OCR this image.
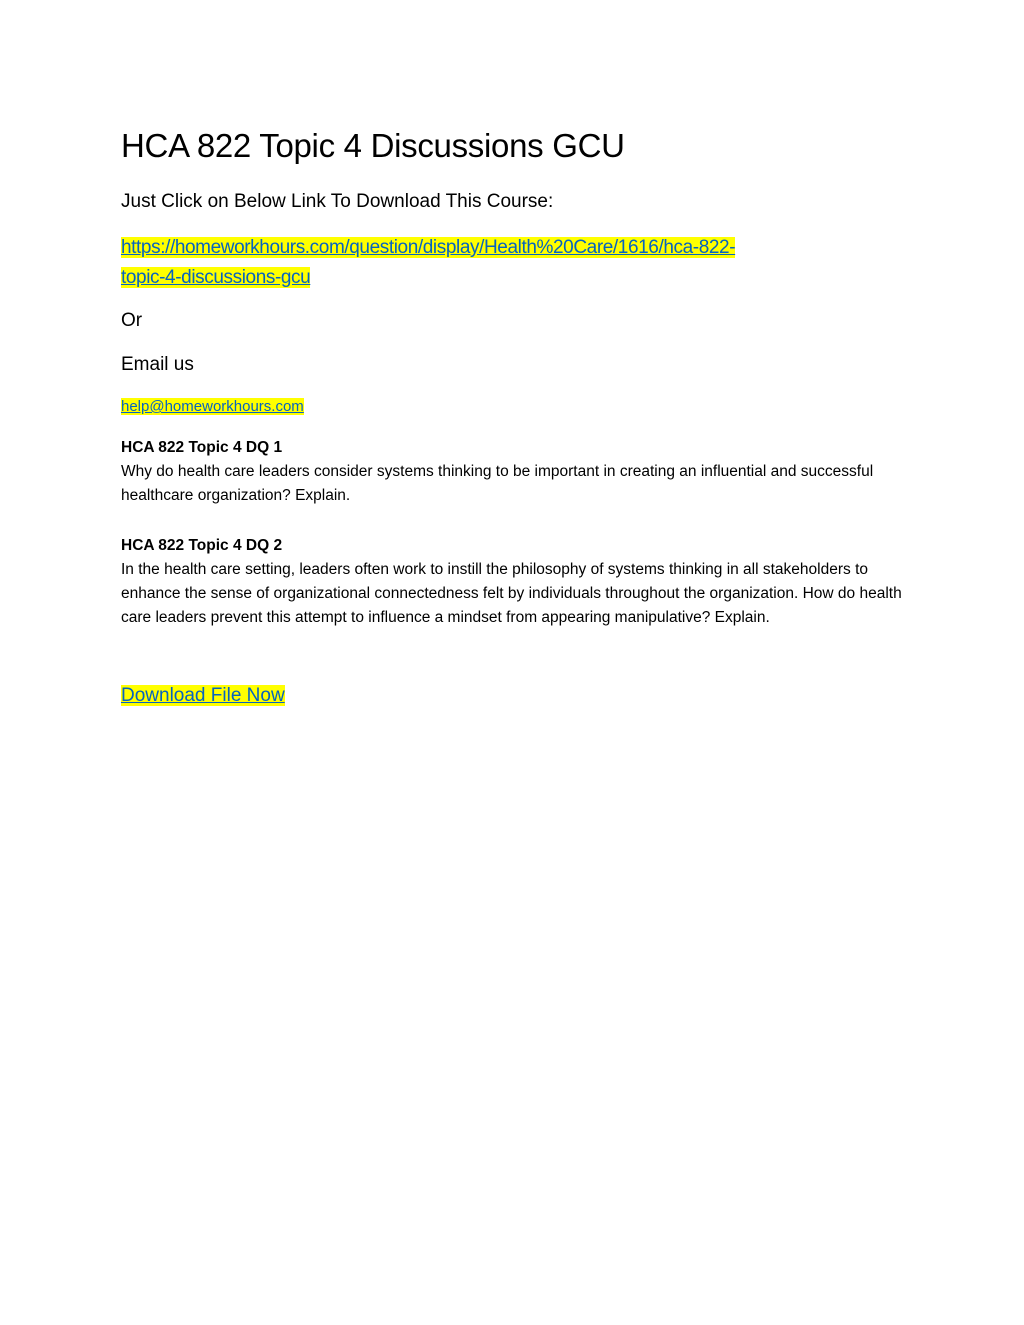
HCA 822 Topic 4 Discussions GCU
Just Click on Below Link To Download This Course:
https://homeworkhours.com/question/display/Health%20Care/1616/hca-822-
topic-4-discussions-gcu
Or
Email us
help@homeworkhours.com
HCA 822 Topic 4 DQ 1
Why do health care leaders consider systems thinking to be important in creating an influential and successful healthcare organization? Explain.
HCA 822 Topic 4 DQ 2
In the health care setting, leaders often work to instill the philosophy of systems thinking in all stakeholders to enhance the sense of organizational connectedness felt by individuals throughout the organization. How do health care leaders prevent this attempt to influence a mindset from appearing manipulative? Explain.
Download File Now
